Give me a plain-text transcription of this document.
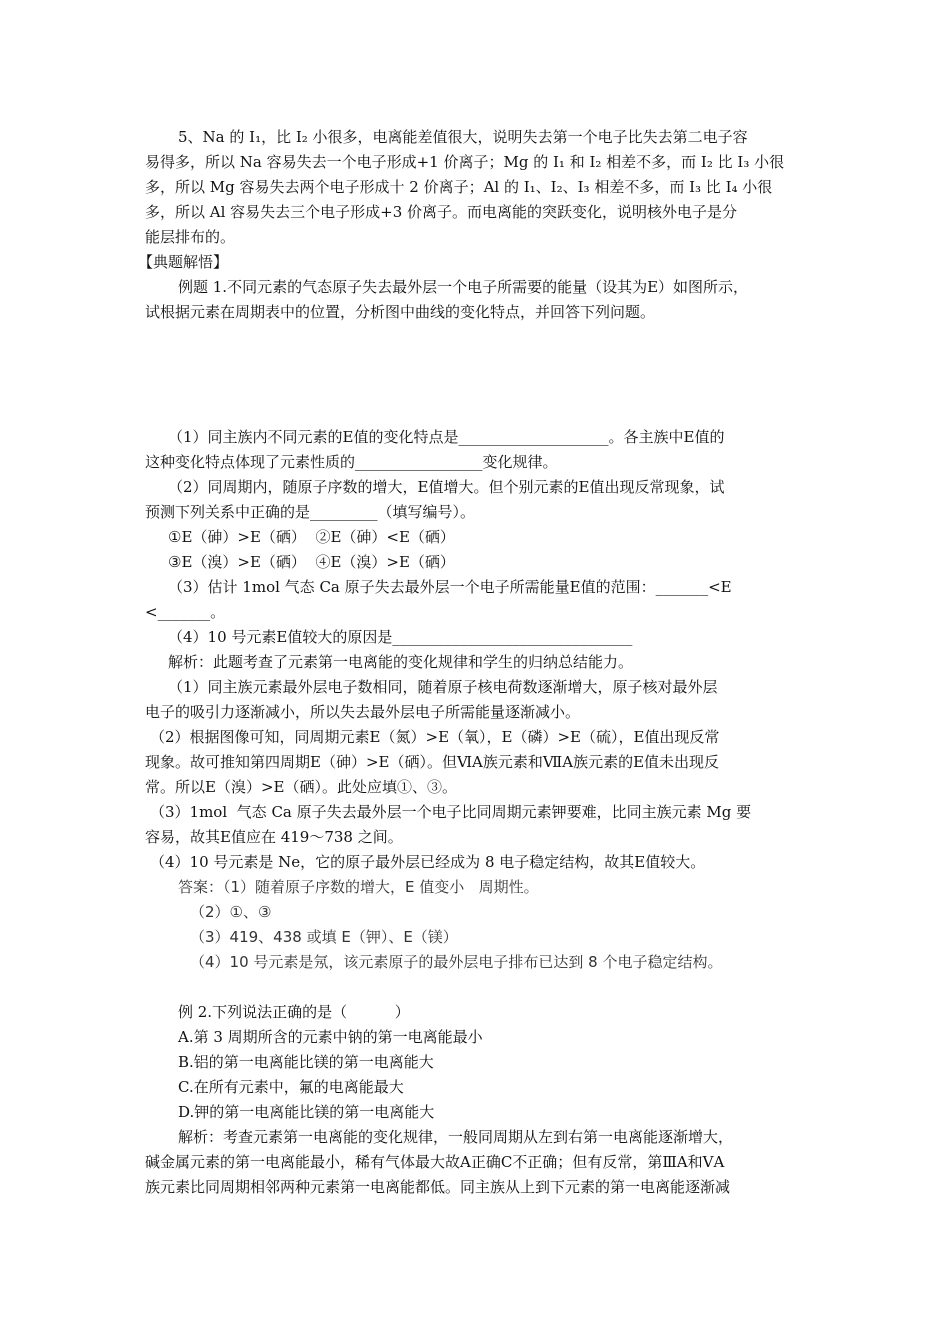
5、Na 的 I₁，比 I₂ 小很多，电离能差值很大，说明失去第一个电子比失去第二电子容
易得多，所以 Na 容易失去一个电子形成+1 价离子；Mg 的 I₁ 和 I₂ 相差不多，而 I₂ 比 I₃ 小很
多，所以 Mg 容易失去两个电子形成十 2 价离子；Al 的 I₁、I₂、I₃ 相差不多，而 I₃ 比 I₄ 小很
多，所以 Al 容易失去三个电子形成+3 价离子。而电离能的突跃变化，说明核外电子是分
能层排布的。
【典题解悟】
例题 1.不同元素的气态原子失去最外层一个电子所需要的能量（设其为E）如图所示，
试根据元素在周期表中的位置，分析图中曲线的变化特点，并回答下列问题。
（1）同主族内不同元素的E值的变化特点是____________________。各主族中E值的
这种变化特点体现了元素性质的_________________变化规律。
（2）同周期内，随原子序数的增大，E值增大。但个别元素的E值出现反常现象，试
预测下列关系中正确的是_________（填写编号）。
①E（砷）>E（硒）  ②E（砷）<E（硒）
③E（溴）>E（硒）  ④E（溴）>E（硒）
（3）估计 1mol 气态 Ca 原子失去最外层一个电子所需能量E值的范围：_______<E
<_______。
（4）10 号元素E值较大的原因是________________________________
解析：此题考查了元素第一电离能的变化规律和学生的归纳总结能力。
（1）同主族元素最外层电子数相同，随着原子核电荷数逐渐增大，原子核对最外层
电子的吸引力逐渐减小，所以失去最外层电子所需能量逐渐减小。
（2）根据图像可知，同周期元素E（氮）>E（氧），E（磷）>E（硫），E值出现反常
现象。故可推知第四周期E（砷）>E（硒）。但ⅥA族元素和ⅦA族元素的E值未出现反
常。所以E（溴）>E（硒）。此处应填①、③。
（3）1mol  气态 Ca 原子失去最外层一个电子比同周期元素钾要难，比同主族元素 Mg 要
容易，故其E值应在 419～738 之间。
（4）10 号元素是 Ne，它的原子最外层已经成为 8 电子稳定结构，故其E值较大。
答案：（1）随着原子序数的增大，E 值变小   周期性。
（2）①、③
（3）419、438 或填 E（钾）、E（镁）
（4）10 号元素是氖，该元素原子的最外层电子排布已达到 8 个电子稳定结构。
例 2.下列说法正确的是（          ）
A.第 3 周期所含的元素中钠的第一电离能最小
B.铝的第一电离能比镁的第一电离能大
C.在所有元素中，氟的电离能最大
D.钾的第一电离能比镁的第一电离能大
解析：考查元素第一电离能的变化规律，一般同周期从左到右第一电离能逐渐增大，
碱金属元素的第一电离能最小，稀有气体最大故A正确C不正确；但有反常，第ⅢA和ⅤA
族元素比同周期相邻两种元素第一电离能都低。同主族从上到下元素的第一电离能逐渐减
